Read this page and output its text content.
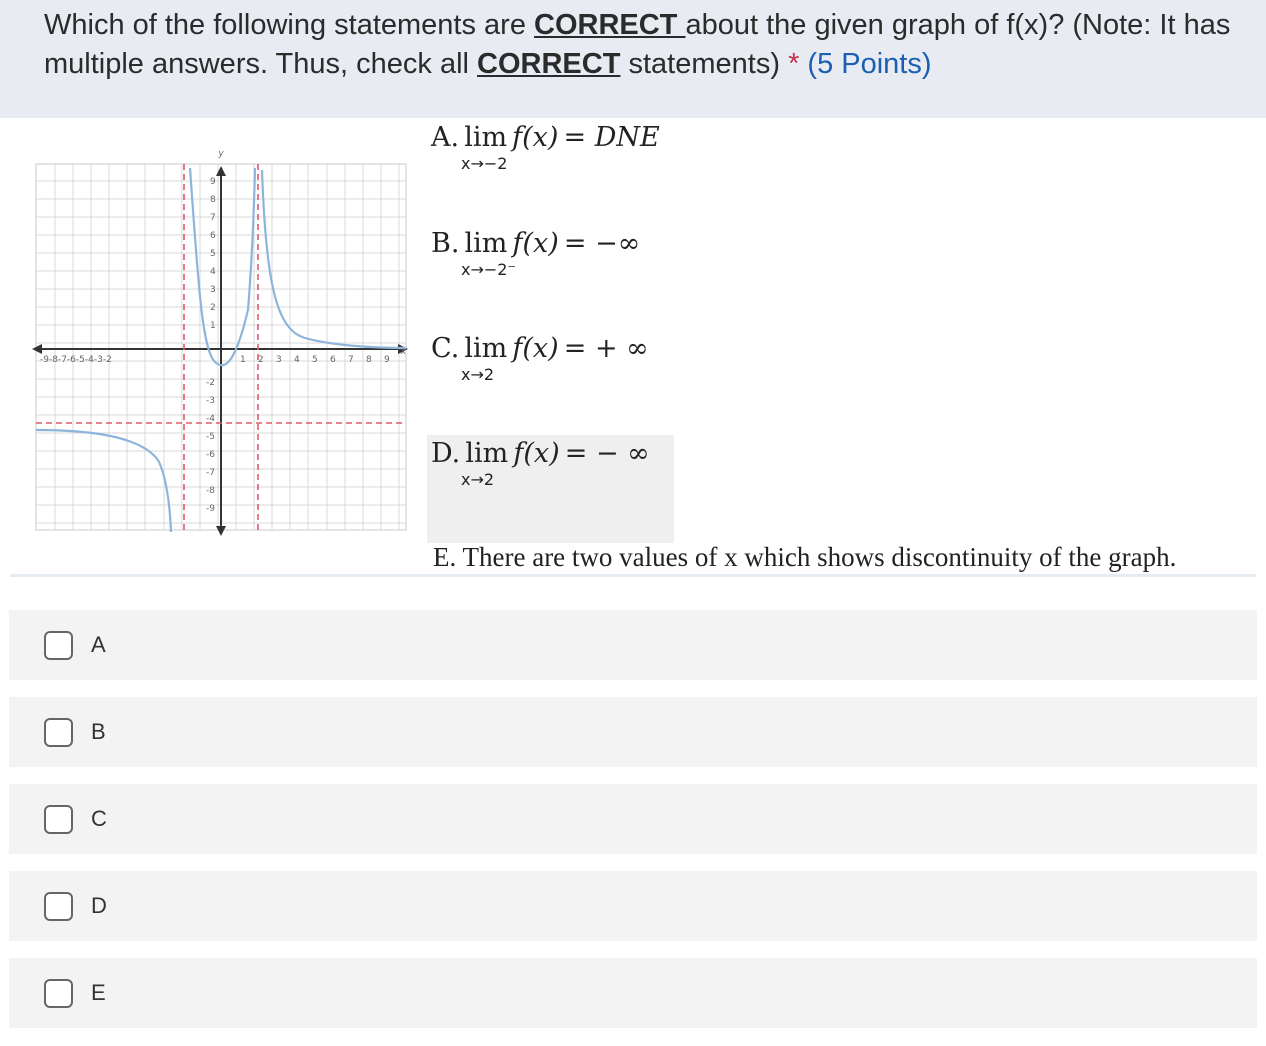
Which of the following statements are CORRECT about the given graph of f(x)? (Note: It has multiple answers. Thus, check all CORRECT statements) * (5 Points)
y
x
-9-8-7-6-5-4-3-2	1 2 3 4 5 6 7 8 9
9
8
7
6
5
4
3
2
1
-2
-3
-4
-5
-6
-7
-8
-9
A. lim f(x) = DNE
x→−2
B. lim f(x) = −∞
x→−2⁻
C. lim f(x) = + ∞
x→2
D. lim f(x) = − ∞
x→2
E. There are two values of x which shows discontinuity of the graph.
A
B
C
D
E
